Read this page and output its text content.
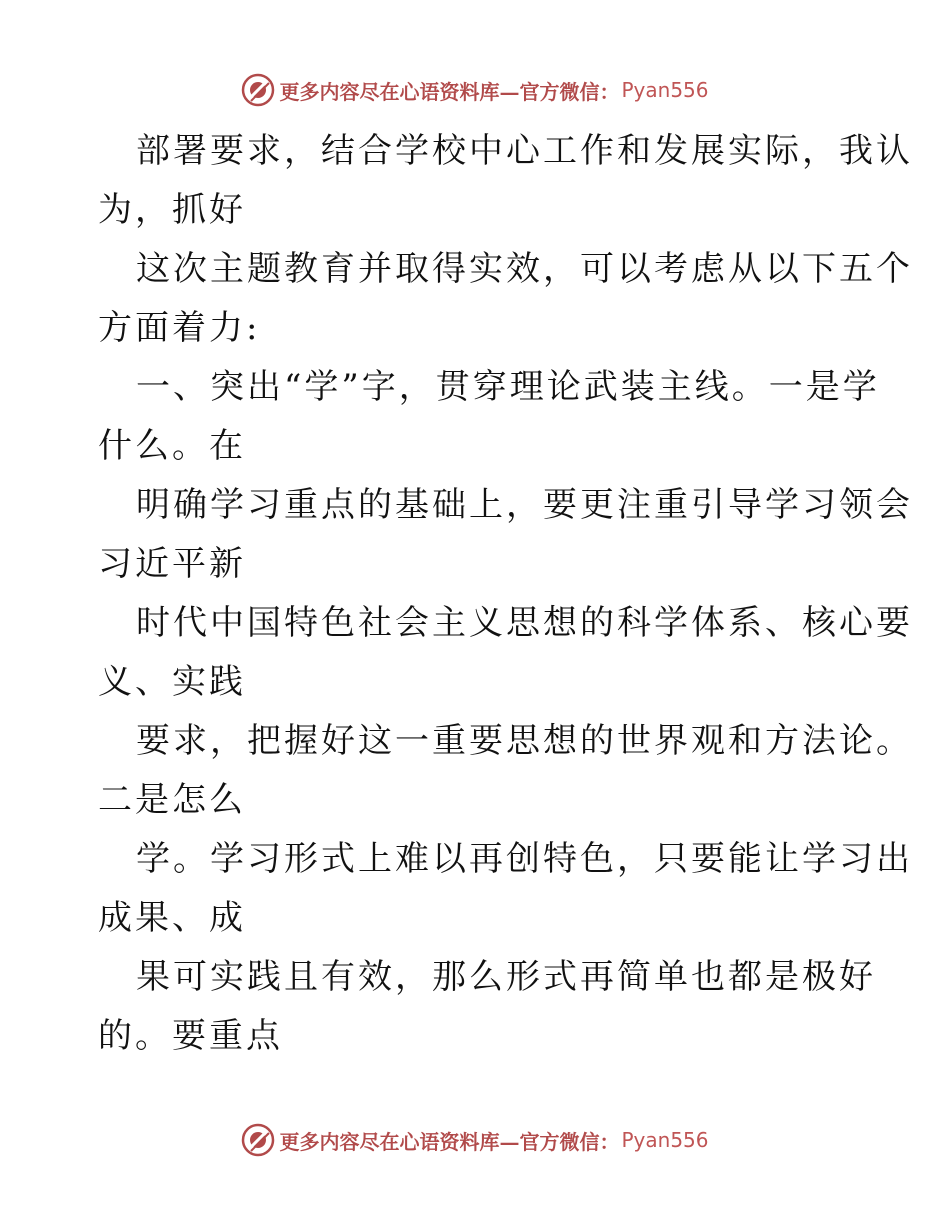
更多内容尽在心语资料库—官方微信： Pyan556
部署要求，结合学校中心工作和发展实际，我认
为，抓好
这次主题教育并取得实效，可以考虑从以下五个
方面着力:
一、突出“学”字，贯穿理论武装主线。一是学
什么。在
明确学习重点的基础上，要更注重引导学习领会
习近平新
时代中国特色社会主义思想的科学体系、核心要
义、实践
要求，把握好这一重要思想的世界观和方法论。
二是怎么
学。学习形式上难以再创特色，只要能让学习出
成果、成
果可实践且有效，那么形式再简单也都是极好
的。要重点
更多内容尽在心语资料库—官方微信： Pyan556
